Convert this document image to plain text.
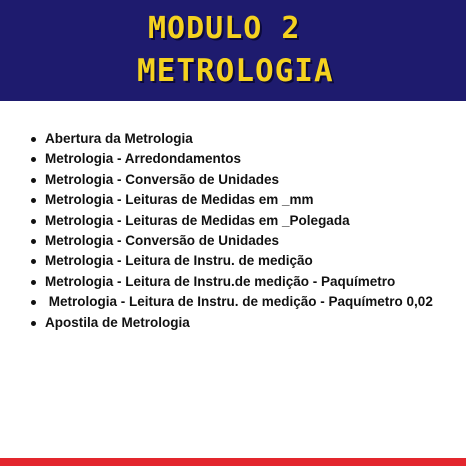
MODULO 2
METROLOGIA
Abertura da Metrologia
Metrologia - Arredondamentos
Metrologia - Conversão de Unidades
Metrologia - Leituras de Medidas em _mm
Metrologia - Leituras de Medidas em _Polegada
Metrologia - Conversão de Unidades
Metrologia - Leitura de Instru. de medição
Metrologia - Leitura de Instru.de medição - Paquímetro
Metrologia - Leitura de Instru. de medição - Paquímetro 0,02
Apostila de Metrologia
